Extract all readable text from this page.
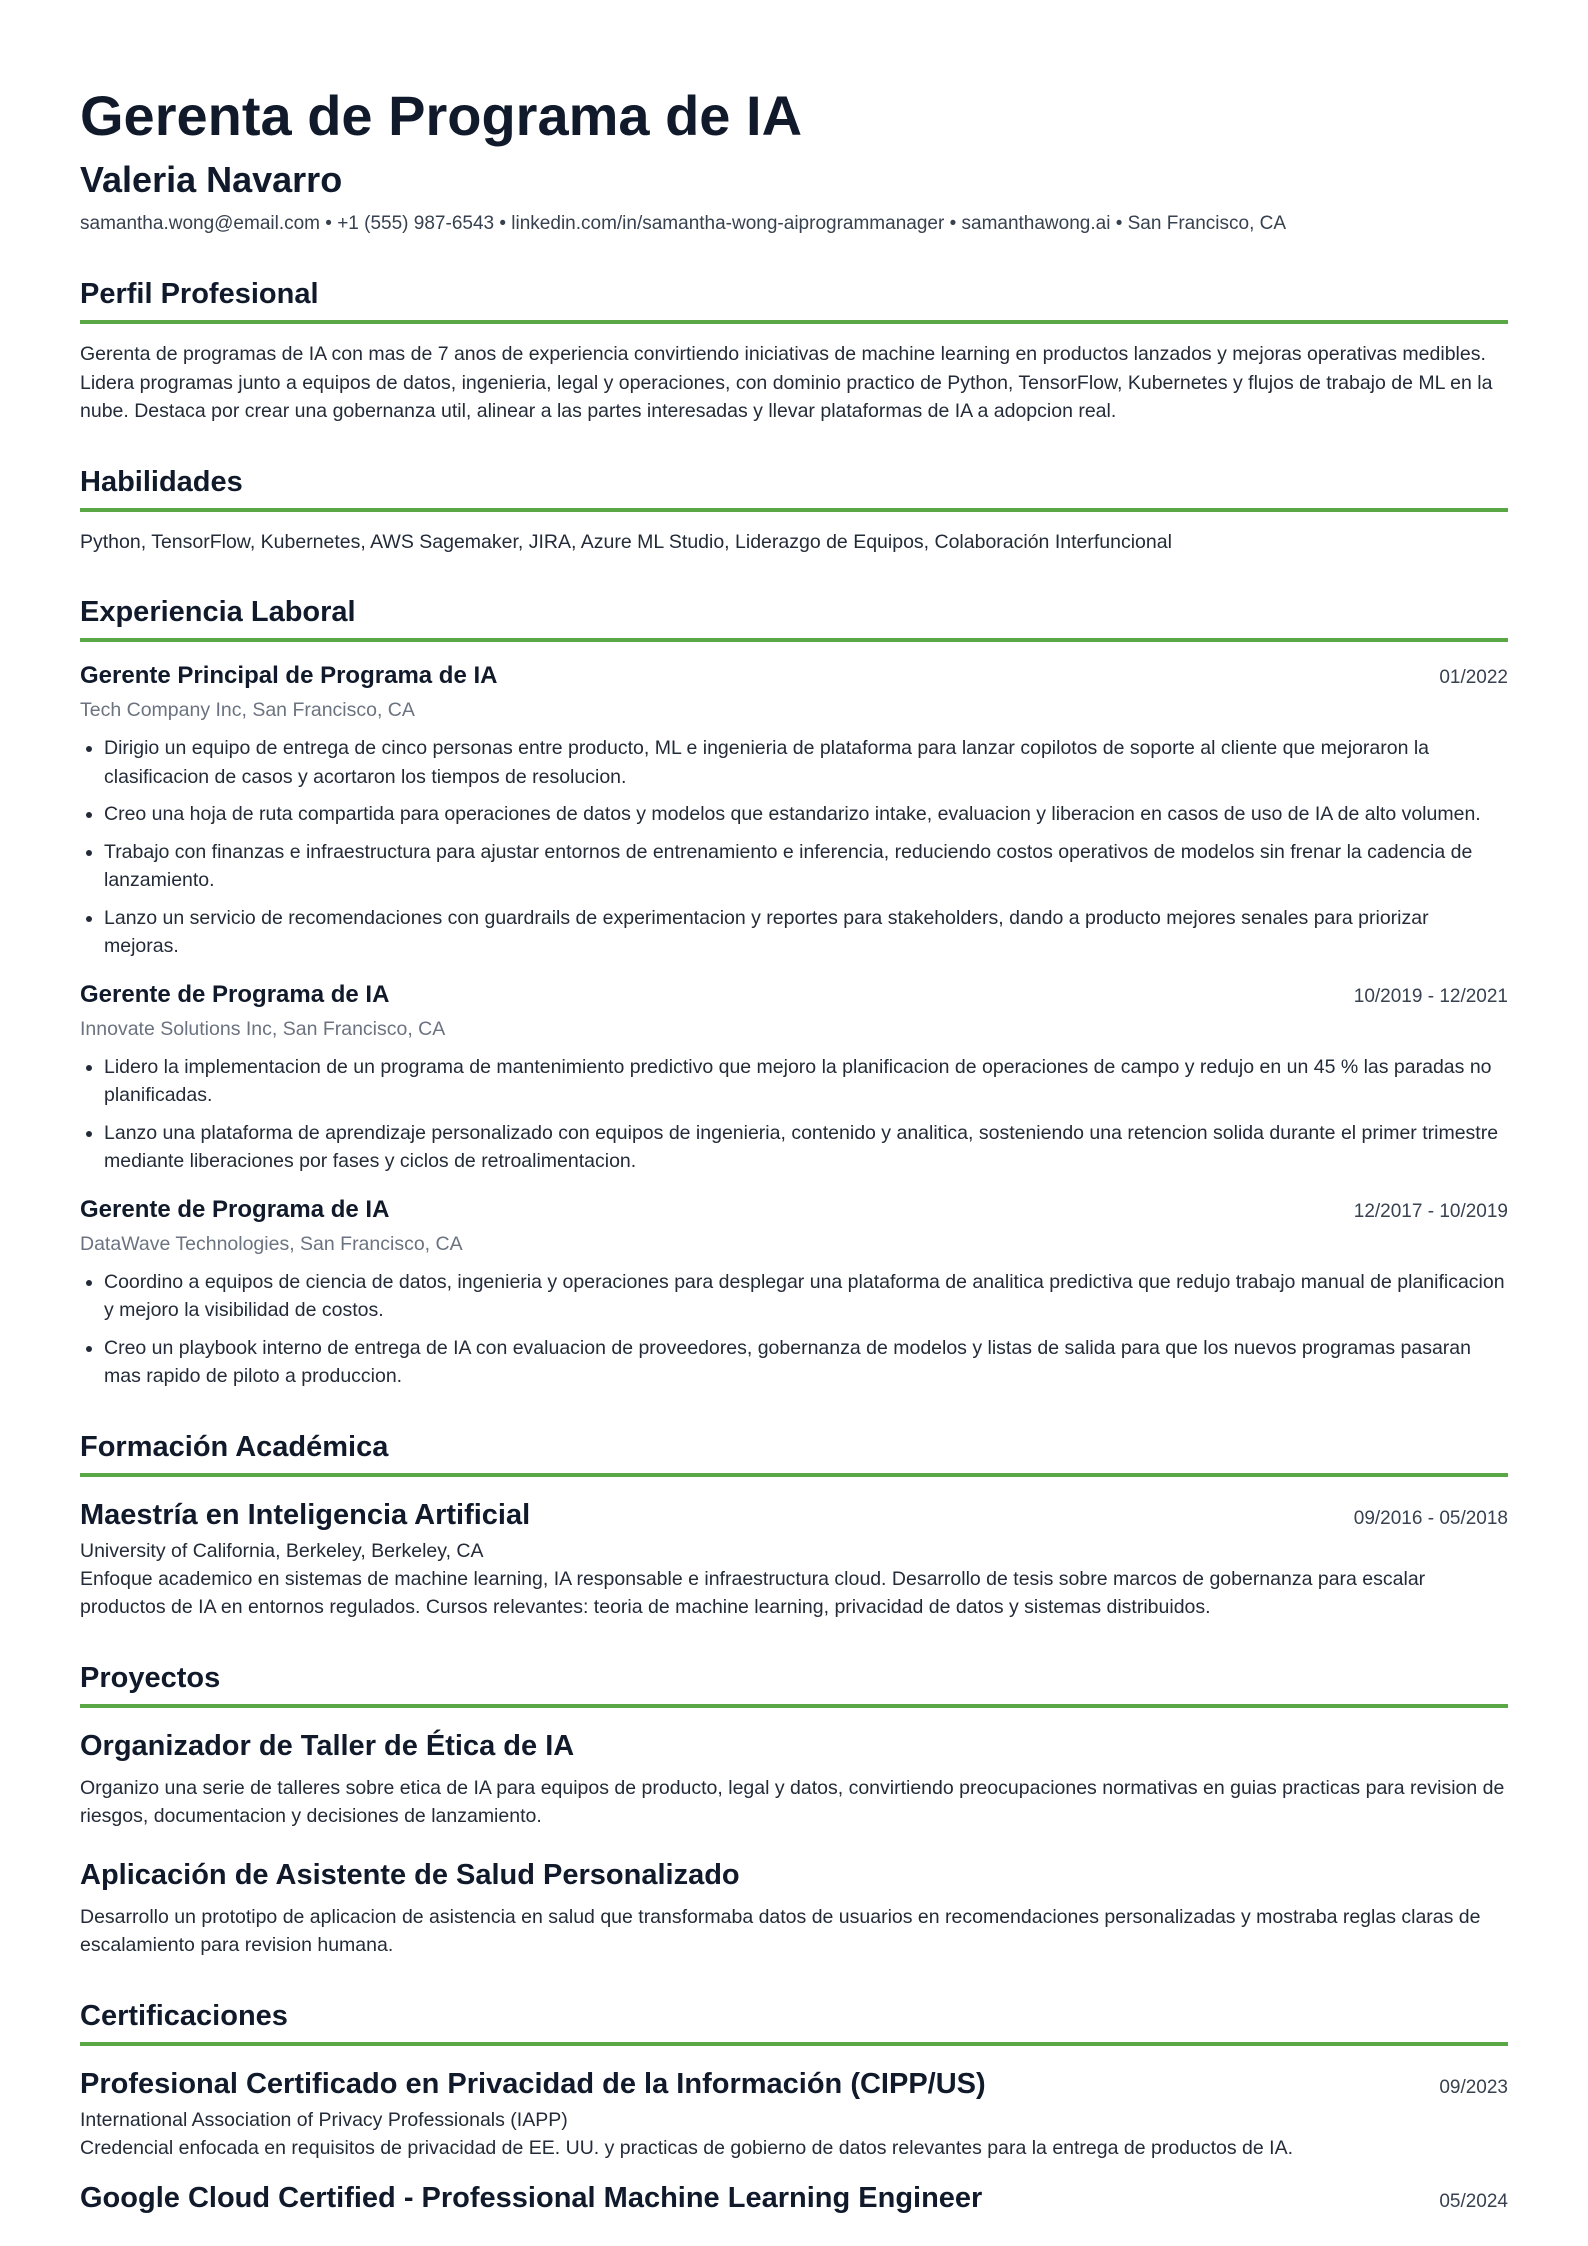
Gerenta de Programa de IA
Valeria Navarro
samantha.wong@email.com • +1 (555) 987-6543 • linkedin.com/in/samantha-wong-aiprogrammanager • samanthawong.ai • San Francisco, CA
Perfil Profesional

Gerenta de programas de IA con mas de 7 anos de experiencia convirtiendo iniciativas de machine learning en productos lanzados y mejoras operativas medibles. Lidera programas junto a equipos de datos, ingenieria, legal y operaciones, con dominio practico de Python, TensorFlow, Kubernetes y flujos de trabajo de ML en la nube. Destaca por crear una gobernanza util, alinear a las partes interesadas y llevar plataformas de IA a adopcion real.

Habilidades

Python, TensorFlow, Kubernetes, AWS Sagemaker, JIRA, Azure ML Studio, Liderazgo de Equipos, Colaboración Interfuncional

Experiencia Laboral
Gerente Principal de Programa de IA	01/2022
Tech Company Inc, San Francisco, CA
• Dirigio un equipo de entrega de cinco personas entre producto, ML e ingenieria de plataforma para lanzar copilotos de soporte al cliente que mejoraron la clasificacion de casos y acortaron los tiempos de resolucion.
• Creo una hoja de ruta compartida para operaciones de datos y modelos que estandarizo intake, evaluacion y liberacion en casos de uso de IA de alto volumen.
• Trabajo con finanzas e infraestructura para ajustar entornos de entrenamiento e inferencia, reduciendo costos operativos de modelos sin frenar la cadencia de lanzamiento.
• Lanzo un servicio de recomendaciones con guardrails de experimentacion y reportes para stakeholders, dando a producto mejores senales para priorizar mejoras.
Gerente de Programa de IA	10/2019 - 12/2021
Innovate Solutions Inc, San Francisco, CA
• Lidero la implementacion de un programa de mantenimiento predictivo que mejoro la planificacion de operaciones de campo y redujo en un 45 % las paradas no planificadas.
• Lanzo una plataforma de aprendizaje personalizado con equipos de ingenieria, contenido y analitica, sosteniendo una retencion solida durante el primer trimestre mediante liberaciones por fases y ciclos de retroalimentacion.
Gerente de Programa de IA	12/2017 - 10/2019
DataWave Technologies, San Francisco, CA
• Coordino a equipos de ciencia de datos, ingenieria y operaciones para desplegar una plataforma de analitica predictiva que redujo trabajo manual de planificacion y mejoro la visibilidad de costos.
• Creo un playbook interno de entrega de IA con evaluacion de proveedores, gobernanza de modelos y listas de salida para que los nuevos programas pasaran mas rapido de piloto a produccion.
Formación Académica
Maestría en Inteligencia Artificial	09/2016 - 05/2018
University of California, Berkeley, Berkeley, CA

Enfoque academico en sistemas de machine learning, IA responsable e infraestructura cloud. Desarrollo de tesis sobre marcos de gobernanza para escalar productos de IA en entornos regulados. Cursos relevantes: teoria de machine learning, privacidad de datos y sistemas distribuidos.

Proyectos
Organizador de Taller de Ética de IA

Organizo una serie de talleres sobre etica de IA para equipos de producto, legal y datos, convirtiendo preocupaciones normativas en guias practicas para revision de riesgos, documentacion y decisiones de lanzamiento.

Aplicación de Asistente de Salud Personalizado

Desarrollo un prototipo de aplicacion de asistencia en salud que transformaba datos de usuarios en recomendaciones personalizadas y mostraba reglas claras de escalamiento para revision humana.

Certificaciones
Profesional Certificado en Privacidad de la Información (CIPP/US)	09/2023
International Association of Privacy Professionals (IAPP)

Credencial enfocada en requisitos de privacidad de EE. UU. y practicas de gobierno de datos relevantes para la entrega de productos de IA.

Google Cloud Certified - Professional Machine Learning Engineer	05/2024
